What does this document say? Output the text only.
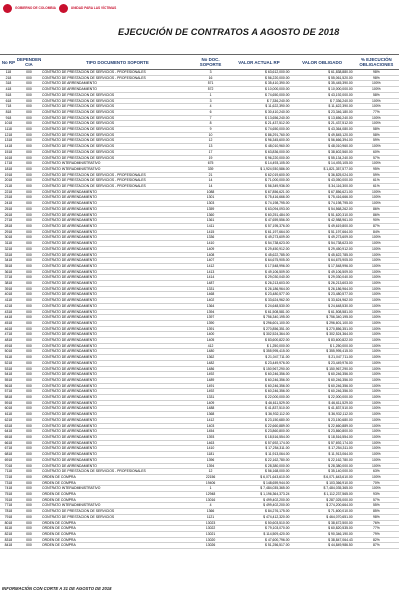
GOBIERNO DE COLOMBIA	UNIDAD PARA LAS VÍCTIMAS
EJECUCIÓN DE CONTRATOS A AGOSTO DE 2018
No RP	DEPENDEN CIA	TIPO DOCUMENTO SOPORTE	No DOC. SOPORTE	VALOR ACTUAL RP	VALOR OBLIGADO	% EJECUCIÓN OBLIGACIONES
118	000	CONTRATO DE PRESTACION DE SERVICIOS - PROFESIONALES	3	$ 63,612,000.00	$ 61,838,880.00	98%
218	000	CONTRATO DE PRESTACION DE SERVICIOS - PROFESIONALES	16	$ 56,220,000.00	$ 55,061,520.00	98%
318	000	CONTRATO DE ARRENDAMIENTO	571	$ 35,410,390.00	$ 35,445,390.00	100%
418	000	CONTRATO DE ARRENDAMIENTO	572	$ 10,000,000.00	$ 10,000,000.00	100%
518	000	CONTRATO DE PRESTACION DE SERVICIOS	1	$ 74,650,000.00	$ 43,192,000.00	58%
618	000	CONTRATO DE PRESTACION DE SERVICIOS	3	$ 7,336,240.00	$ 7,336,240.00	100%
718	000	CONTRATO DE PRESTACION DE SERVICIOS	4	$ 11,622,390.00	$ 11,622,390.00	100%
818	000	CONTRATO DE PRESTACION DE SERVICIOS	6	$ 30,410,240.00	$ 23,346,180.00	77%
918	000	CONTRATO DE PRESTACION DE SERVICIOS	7	$ 13,656,240.00	$ 13,656,240.00	100%
1018	000	CONTRATO DE PRESTACION DE SERVICIOS	8	$ 21,437,512.00	$ 21,437,512.00	100%
1118	000	CONTRATO DE PRESTACION DE SERVICIOS	9	$ 74,650,000.00	$ 43,364,080.00	58%
1218	000	CONTRATO DE PRESTACION DE SERVICIOS	10	$ 86,291,760.00	$ 49,845,120.00	58%
1318	000	CONTRATO DE PRESTACION DE SERVICIOS	12	$ 96,345,600.00	$ 56,666,394.00	59%
1418	000	CONTRATO DE PRESTACION DE SERVICIOS	13	$ 48,010,960.00	$ 48,010,960.00	100%
1518	000	CONTRATO DE PRESTACION DE SERVICIOS	17	$ 63,836,000.00	$ 38,602,560.00	60%
1618	000	CONTRATO DE PRESTACION DE SERVICIOS	19	$ 96,220,000.00	$ 55,134,240.00	57%
1718	000	CONTRATO INTERADMINISTRATIVO	675	$ 14,493,105.00	$ 14,493,105.00	100%
1818	000	CONTRATO INTERADMINISTRATIVO	339	$ 1,924,930,586.00	$ 1,821,357,577.00	95%
1918	000	CONTRATO DE PRESTACION DE SERVICIOS - PROFESIONALES	21	$ 62,019,600.00	$ 36,825,024.00	59%
2018	000	CONTRATO DE PRESTACION DE SERVICIOS - PROFESIONALES	14	$ 71,000,000.00	$ 43,050,000.00	61%
2118	000	CONTRATO DE PRESTACION DE SERVICIOS - PROFESIONALES	14	$ 56,349,936.00	$ 34,116,300.00	61%
2218	000	CONTRATO DE ARRENDAMIENTO	1088	$ 67,856,621.00	$ 67,856,621.00	100%
2318	000	CONTRATO DE ARRENDAMIENTO	1301	$ 75,416,666.00	$ 75,416,666.00	100%
2418	000	CONTRATO DE ARRENDAMIENTO	1303	$ 74,198,795.00	$ 74,198,795.00	100%
2518	000	CONTRATO DE ARRENDAMIENTO	1359	$ 63,094,093.00	$ 54,568,262.00	86%
2618	000	CONTRATO DE ARRENDAMIENTO	1360	$ 60,251,484.00	$ 51,620,310.00	86%
2718	000	CONTRATO DE ARRENDAMIENTO	1361	$ 47,659,556.00	$ 42,988,961.00	90%
2818	000	CONTRATO DE ARRENDAMIENTO	1411	$ 57,195,376.00	$ 49,619,800.00	87%
2918	000	CONTRATO DE ARRENDAMIENTO	1415	$ 61,197,664.00	$ 51,197,664.00	84%
3018	000	CONTRATO DE ARRENDAMIENTO	1336	$ 49,273,609.00	$ 49,273,609.00	100%
3118	000	CONTRATO DE ARRENDAMIENTO	1410	$ 54,738,623.00	$ 54,738,623.00	100%
3218	000	CONTRATO DE ARRENDAMIENTO	1409	$ 29,450,912.00	$ 29,450,912.00	100%
3318	000	CONTRATO DE ARRENDAMIENTO	1408	$ 45,622,785.00	$ 45,622,785.00	100%
3418	000	CONTRATO DE ARRENDAMIENTO	1407	$ 64,675,905.00	$ 64,675,905.00	100%
3518	000	CONTRATO DE ARRENDAMIENTO	1412	$ 17,548,996.00	$ 17,548,996.00	100%
3618	000	CONTRATO DE ARRENDAMIENTO	1413	$ 49,106,509.00	$ 49,106,509.00	100%
3718	000	CONTRATO DE ARRENDAMIENTO	1414	$ 29,030,040.00	$ 29,030,040.00	100%
3818	000	CONTRATO DE ARRENDAMIENTO	1487	$ 26,213,603.00	$ 26,213,603.00	100%
3918	000	CONTRATO DE ARRENDAMIENTO	1331	$ 26,186,964.00	$ 26,186,964.00	100%
4018	000	CONTRATO DE ARRENDAMIENTO	1468	$ 23,480,577.00	$ 23,480,577.00	100%
4118	000	CONTRATO DE ARRENDAMIENTO	1402	$ 33,624,962.00	$ 33,624,962.00	100%
4218	000	CONTRATO DE ARRENDAMIENTO	1364	$ 24,648,530.00	$ 24,648,530.00	100%
4318	000	CONTRATO DE ARRENDAMIENTO	1394	$ 61,508,581.00	$ 61,508,581.00	100%
4418	000	CONTRATO DE ARRENDAMIENTO	1397	$ 756,340,195.00	$ 756,340,195.00	100%
4518	000	CONTRATO DE ARRENDAMIENTO	1390	$ 296,601,100.00	$ 296,601,100.00	100%
4618	000	CONTRATO DE ARRENDAMIENTO	1391	$ 270,856,351.00	$ 270,856,351.00	100%
4718	000	CONTRATO DE ARRENDAMIENTO	1400	$ 302,524,364.00	$ 302,524,364.00	100%
4818	000	CONTRATO DE ARRENDAMIENTO	1405	$ 83,600,822.00	$ 83,600,822.00	100%
4918	000	CONTRATO DE ARRENDAMIENTO	412	$ 1,250,000.00	$ 1,250,000.00	100%
5018	000	CONTRATO DE ARRENDAMIENTO	1480	$ 355,995,415.00	$ 355,995,415.00	100%
5118	000	CONTRATO DE ARRENDAMIENTO	1362	$ 21,047,711.00	$ 21,047,711.00	100%
5218	000	CONTRATO DE ARRENDAMIENTO	1482	$ 23,449,976.00	$ 23,449,976.00	100%
5318	000	CONTRATO DE ARRENDAMIENTO	1486	$ 150,967,290.00	$ 150,967,290.00	100%
5418	000	CONTRATO DE ARRENDAMIENTO	1492	$ 60,246,356.00	$ 60,246,356.00	100%
5518	000	CONTRATO DE ARRENDAMIENTO	1489	$ 60,246,356.00	$ 60,246,356.00	100%
5618	000	CONTRATO DE ARRENDAMIENTO	1491	$ 60,246,356.00	$ 60,246,356.00	100%
5718	000	CONTRATO DE ARRENDAMIENTO	1492	$ 60,246,356.00	$ 60,246,356.00	100%
5818	000	CONTRATO DE ARRENDAMIENTO	1331	$ 22,000,000.00	$ 22,000,000.00	100%
5918	000	CONTRATO DE ARRENDAMIENTO	1409	$ 46,611,529.00	$ 46,611,529.00	100%
6018	000	CONTRATO DE ARRENDAMIENTO	1488	$ 41,837,510.00	$ 41,837,510.00	100%
6118	000	CONTRATO DE ARRENDAMIENTO	1368	$ 36,932,112.00	$ 36,932,112.00	100%
6218	000	CONTRATO DE ARRENDAMIENTO	1412	$ 23,150,680.00	$ 23,150,680.00	100%
6318	000	CONTRATO DE ARRENDAMIENTO	1403	$ 22,660,889.00	$ 22,660,889.00	100%
6418	000	CONTRATO DE ARRENDAMIENTO	1454	$ 23,860,800.00	$ 23,860,800.00	100%
6518	000	CONTRATO DE ARRENDAMIENTO	1393	$ 18,516,554.00	$ 18,516,554.00	100%
6618	000	CONTRATO DE ARRENDAMIENTO	1463	$ 57,692,174.00	$ 57,692,174.00	100%
6718	000	CONTRATO DE ARRENDAMIENTO	1410	$ 17,254,311.00	$ 17,254,311.00	100%
6818	000	CONTRATO DE ARRENDAMIENTO	1181	$ 11,913,064.00	$ 11,913,064.00	100%
6918	000	CONTRATO DE ARRENDAMIENTO	1396	$ 22,162,780.00	$ 22,162,780.00	100%
7018	000	CONTRATO DE ARRENDAMIENTO	1394	$ 28,380,000.00	$ 28,380,000.00	100%
7118	000	CONTRATO DE PRESTACION DE SERVICIOS - PROFESIONALES	12	$ 56,168,000.00	$ 35,140,000.00	63%
7218	000	ORDEN DE COMPRA	22156	$ 6,071,643,610.00	$ 6,071,643,610.00	100%
7318	000	ORDEN DE COMPRA	19406	$ 148,659,944.00	$ 103,366,910.00	70%
7418	000	CONTRATO INTERADMINISTRATIVO	1	$ 7,484,035,365.00	$ 7,484,035,365.00	100%
7518	000	ORDEN DE COMPRA	12948	$ 1,196,364,373.24	$ 1,112,237,565.00	93%
7618	000	ORDEN DE COMPRA	13016	$ 499,402,200.00	$ 287,025,000.00	57%
7718	000	CONTRATO INTERADMINISTRATIVO	4	$ 499,402,200.00	$ 274,200,664.00	55%
7818	000	CONTRATO DE PRESTACION DE SERVICIOS	1366	$ 84,276,175.00	$ 71,600,010.00	85%
7918	000	CONTRATO DE PRESTACION DE SERVICIOS	1121	$ 474,412,320.00	$ 464,070,651.00	98%
8018	000	ORDEN DE COMPRA	13023	$ 50,603,510.00	$ 38,672,500.00	76%
8118	000	ORDEN DE COMPRA	13022	$ 79,103,070.00	$ 60,820,535.00	77%
8218	000	ORDEN DE COMPRA	13021	$ 114,509,420.00	$ 90,346,190.00	79%
8318	000	ORDEN DE COMPRA	13020	$ 47,600,796.00	$ 38,847,064.43	82%
8418	000	ORDEN DE COMPRA	13026	$ 51,256,517.00	$ 44,849,986.50	87%
INFORMACIÓN CON CORTE A 31 DE AGOSTO DE 2018
